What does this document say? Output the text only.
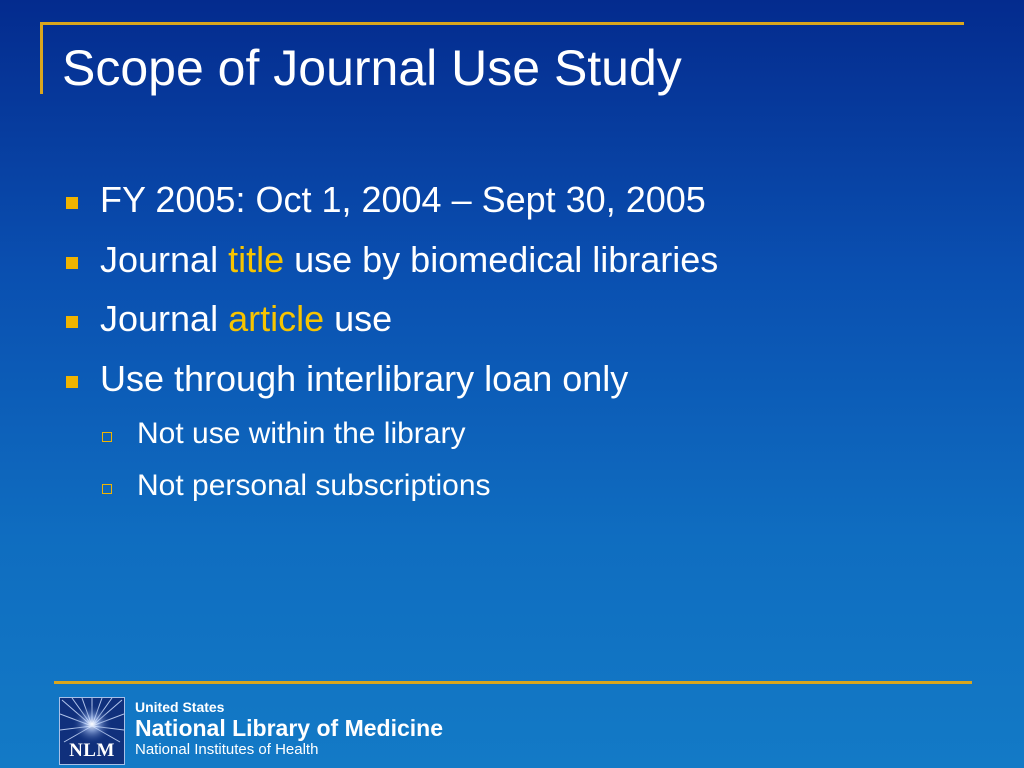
Scope of Journal Use Study
FY 2005: Oct 1, 2004 – Sept 30, 2005
Journal title use by biomedical libraries
Journal article use
Use through interlibrary loan only
Not use within the library
Not personal subscriptions
NLM
United States
National Library of Medicine
National Institutes of Health
